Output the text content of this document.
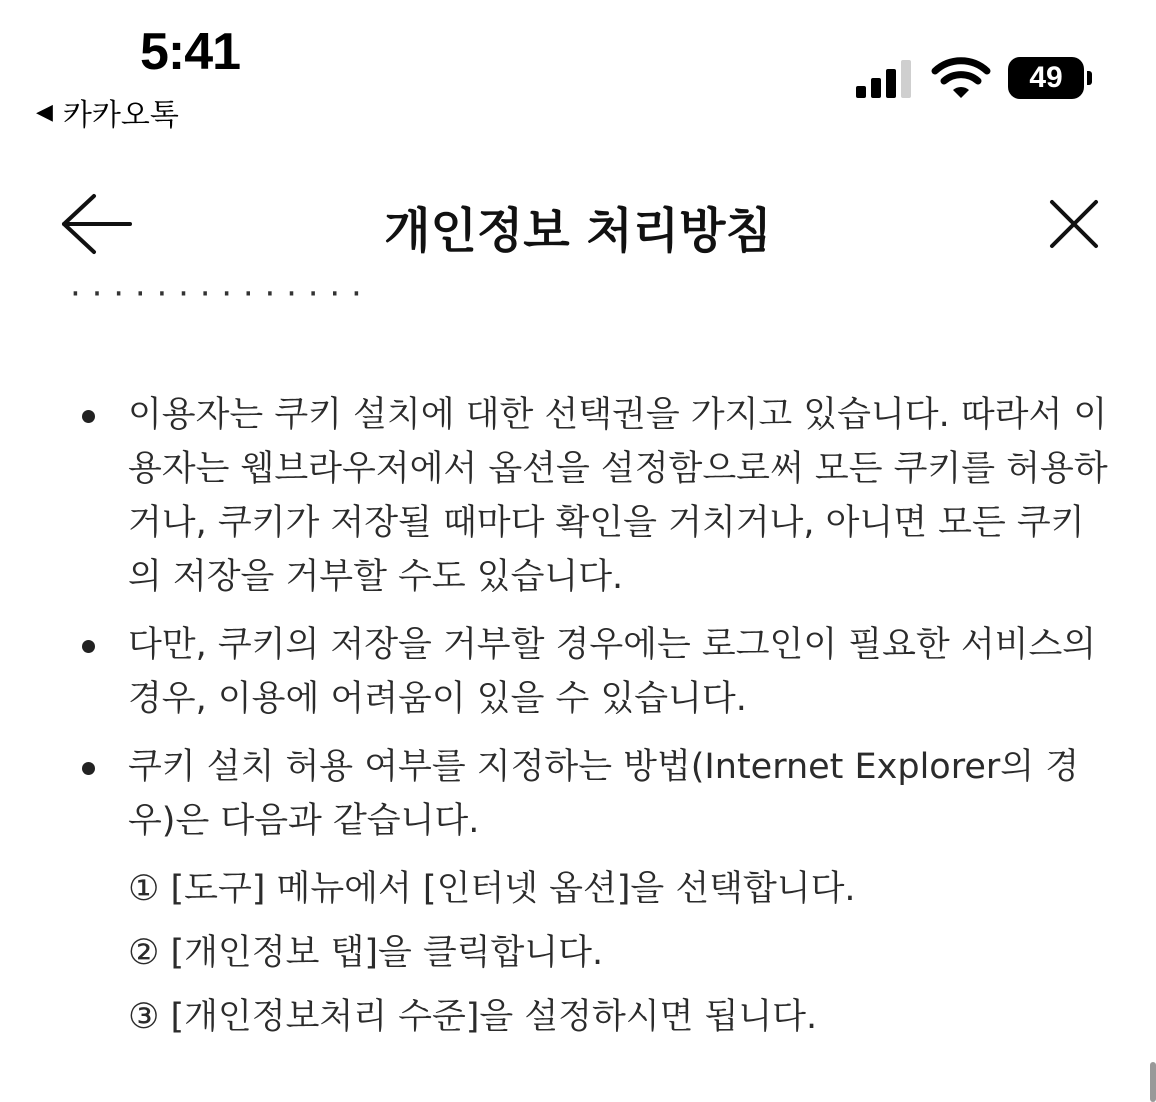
5:41
◀ 카카오톡
49
개인정보 처리방침
· · · · · · · · · · · · · ·
이용자는 쿠키 설치에 대한 선택권을 가지고 있습니다. 따라서 이용자는 웹브라우저에서 옵션을 설정함으로써 모든 쿠키를 허용하거나, 쿠키가 저장될 때마다 확인을 거치거나, 아니면 모든 쿠키의 저장을 거부할 수도 있습니다.
다만, 쿠키의 저장을 거부할 경우에는 로그인이 필요한 서비스의 경우, 이용에 어려움이 있을 수 있습니다.
쿠키 설치 허용 여부를 지정하는 방법(Internet Explorer의 경우)은 다음과 같습니다.
① [도구] 메뉴에서 [인터넷 옵션]을 선택합니다.
② [개인정보 탭]을 클릭합니다.
③ [개인정보처리 수준]을 설정하시면 됩니다.
